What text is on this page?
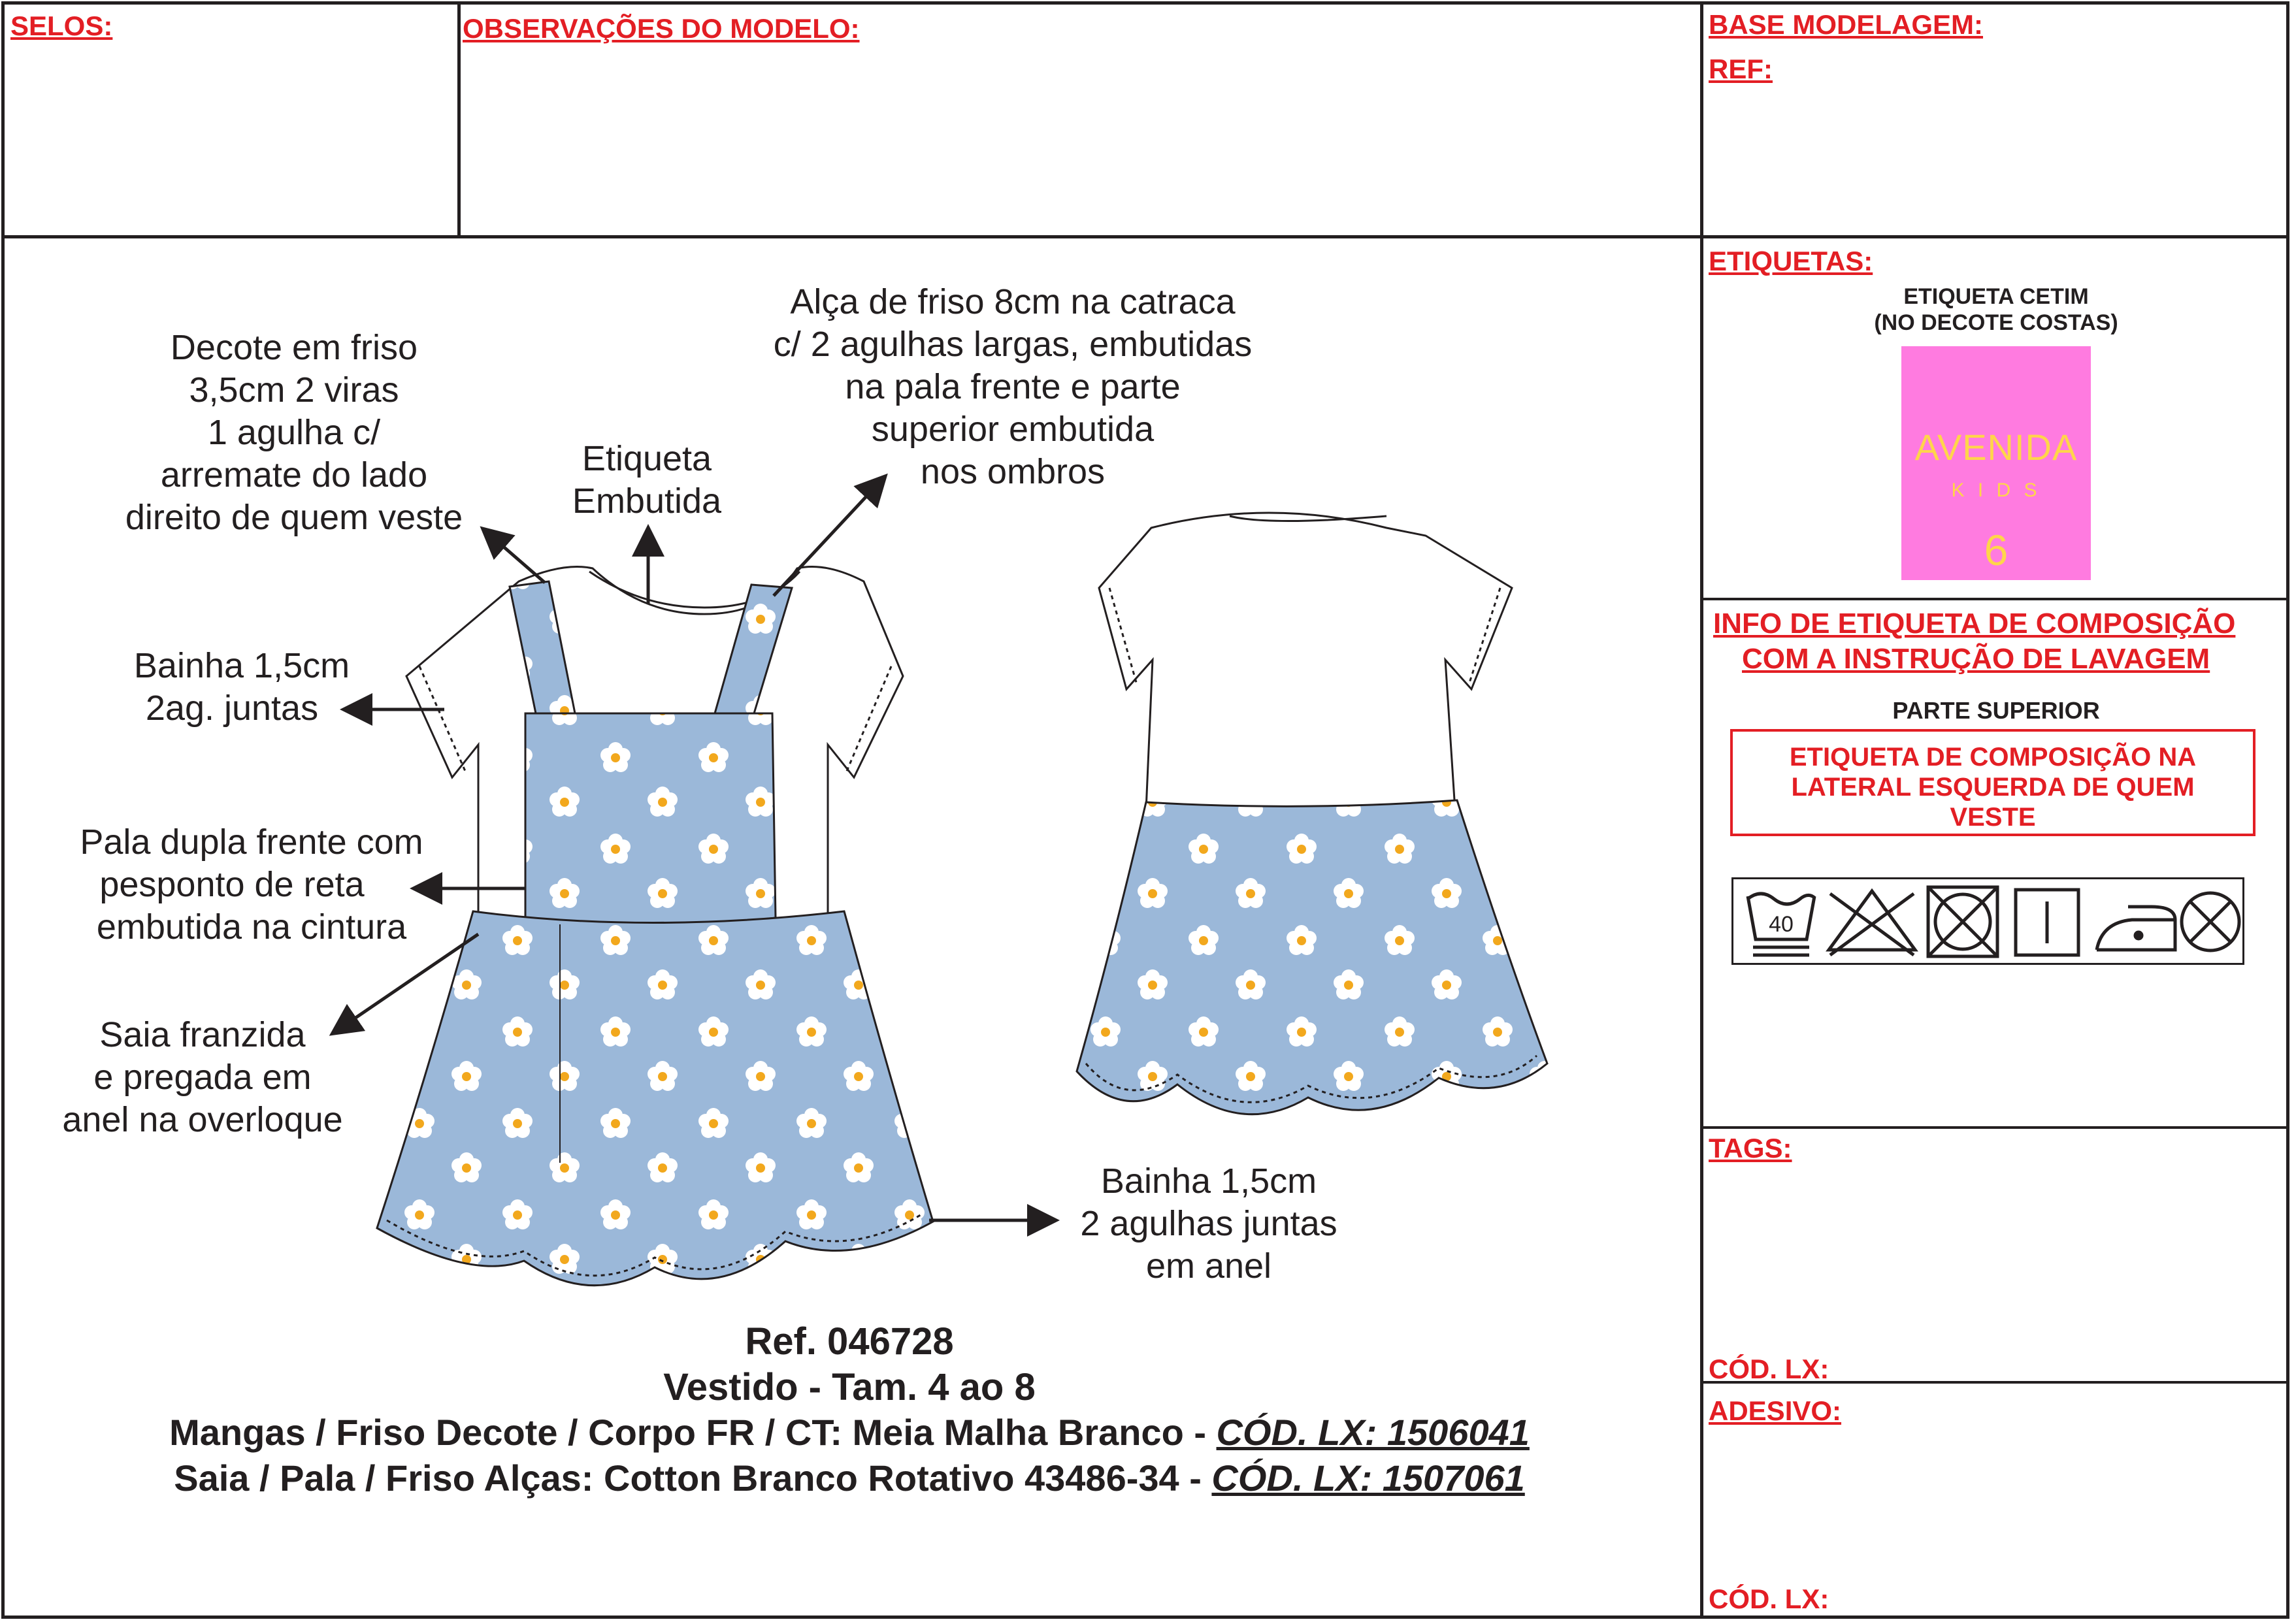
SELOS:	OBSERVAÇÕES DO MODELO:	BASE MODELAGEM:
REF:
ETIQUETAS:
ETIQUETA CETIM
(NO DECOTE COSTAS)
AVENIDA
K I D S
6
INFO DE ETIQUETA DE COMPOSIÇÃO
COM A INSTRUÇÃO DE LAVAGEM
PARTE SUPERIOR
ETIQUETA DE COMPOSIÇÃO NA
LATERAL ESQUERDA DE QUEM
VESTE
40
TAGS:
CÓD. LX:
ADESIVO:
CÓD. LX:
Decote em friso
3,5cm 2 viras
1 agulha c/
arremate do lado
direito de quem veste
Etiqueta
Embutida
Alça de friso 8cm na catraca
c/ 2 agulhas largas, embutidas
na pala frente e parte
superior embutida
nos ombros
Bainha 1,5cm
2ag. juntas
Pala dupla frente com
pesponto de reta
embutida na cintura
Saia franzida
e pregada em
anel na overloque
Bainha 1,5cm
2 agulhas juntas
em anel
Ref. 046728
Vestido - Tam. 4 ao 8
Mangas / Friso Decote / Corpo FR / CT: Meia Malha Branco - CÓD. LX: 1506041
Saia / Pala / Friso Alças: Cotton Branco Rotativo 43486-34 - CÓD. LX: 1507061
